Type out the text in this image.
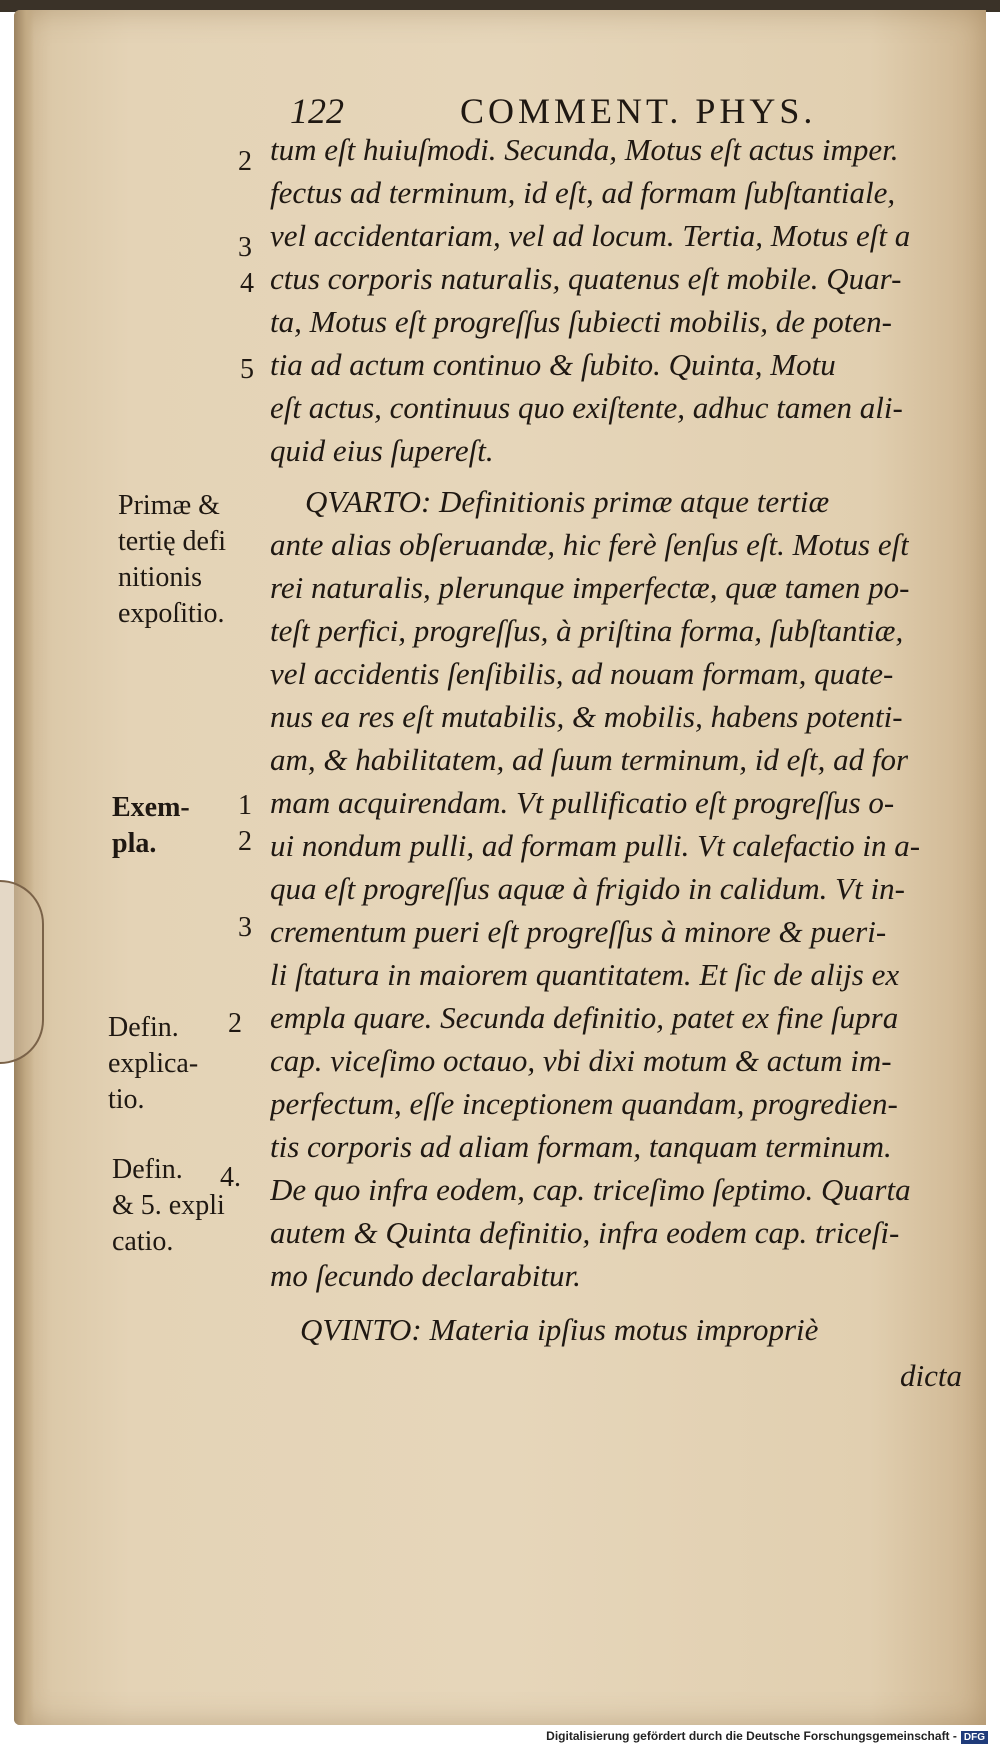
122	COMMENT. PHYS.
tum eſt huiuſmodi. Secunda, Motus eſt actus imper.
fectus ad terminum, id eſt, ad formam ſubſtantiale,
vel accidentariam, vel ad locum. Tertia, Motus eſt a
ctus corporis naturalis, quatenus eſt mobile. Quar-
ta, Motus eſt progreſſus ſubiecti mobilis, de poten-
tia ad actum continuo & ſubito. Quinta, Motu
eſt actus, continuus quo exiſtente, adhuc tamen ali-
quid eius ſupereſt.
QVARTO: Definitionis primæ atque tertiæ
ante alias obſeruandæ, hic ferè ſenſus eſt. Motus eſt
rei naturalis, plerunque imperfectæ, quæ tamen po-
teſt perfici, progreſſus, à priſtina forma, ſubſtantiæ,
vel accidentis ſenſibilis, ad nouam formam, quate-
nus ea res eſt mutabilis, & mobilis, habens potenti-
am, & habilitatem, ad ſuum terminum, id eſt, ad for
mam acquirendam. Vt pullificatio eſt progreſſus o-
ui nondum pulli, ad formam pulli. Vt calefactio in a-
qua eſt progreſſus aquæ à frigido in calidum. Vt in-
crementum pueri eſt progreſſus à minore & pueri-
li ſtatura in maiorem quantitatem. Et ſic de alijs ex
empla quare. Secunda definitio, patet ex fine ſupra
cap. viceſimo octauo, vbi dixi motum & actum im-
perfectum, eſſe inceptionem quandam, progredien-
tis corporis ad aliam formam, tanquam terminum.
De quo infra eodem, cap. triceſimo ſeptimo. Quarta
autem & Quinta definitio, infra eodem cap. triceſi-
mo ſecundo declarabitur.
QVINTO: Materia ipſius motus impropriè
dicta
2
3
4
5
1
2
3
2
4.
Primæ &
tertię defi
nitionis
expoſitio.
Exem-
pla.
Defin.
explica-
tio.
Defin.
& 5. expli
catio.
Digitalisierung gefördert durch die Deutsche Forschungsgemeinschaft - DFG
